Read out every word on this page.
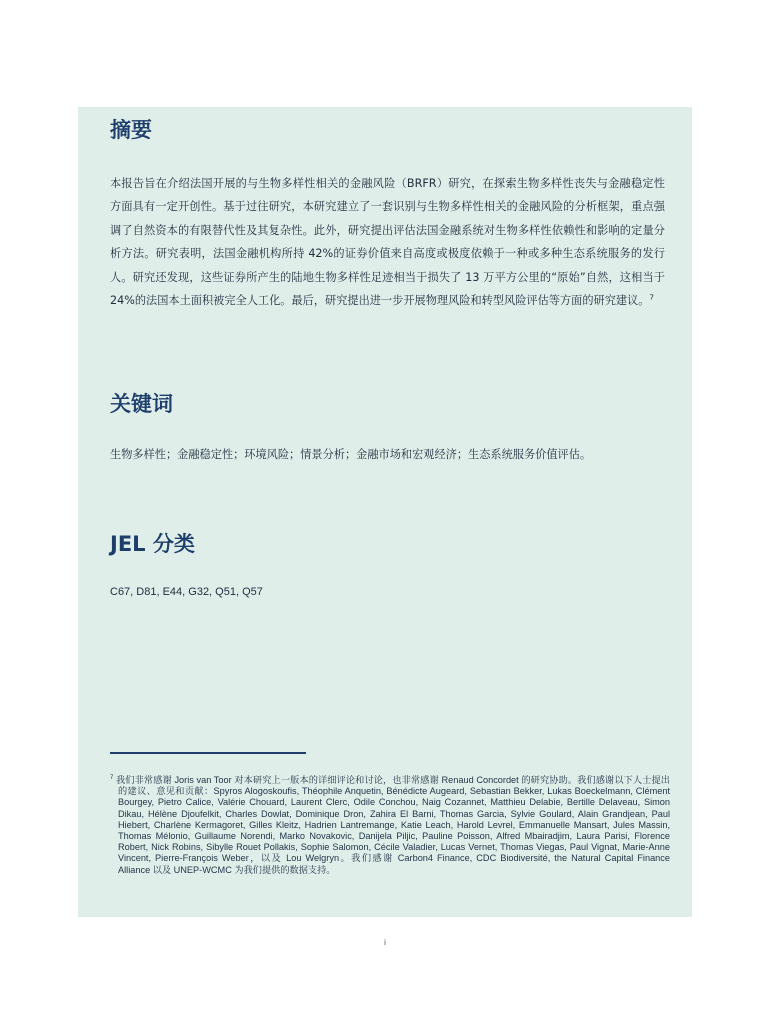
摘要

本报告旨在介绍法国开展的与生物多样性相关的金融风险（BRFR）研究，在探索生物多样性丧失与金融稳定性方面具有一定开创性。基于过往研究，本研究建立了一套识别与生物多样性相关的金融风险的分析框架，重点强调了自然资本的有限替代性及其复杂性。此外，研究提出评估法国金融系统对生物多样性依赖性和影响的定量分析方法。研究表明，法国金融机构所持 42%的证券价值来自高度或极度依赖于一种或多种生态系统服务的发行人。研究还发现，这些证券所产生的陆地生物多样性足迹相当于损失了 13 万平方公里的“原始”自然，这相当于 24%的法国本土面积被完全人工化。最后，研究提出进一步开展物理风险和转型风险评估等方面的研究建议。$^7$

关键词

生物多样性；金融稳定性；环境风险；情景分析；金融市场和宏观经济；生态系统服务价值评估。

JEL 分类

C67, D81, E44, G32, Q51, Q57

$^7$ 我们非常感谢 Joris van Toor 对本研究上一版本的详细评论和讨论，也非常感谢 Renaud Concordet 的研究协助。我们感谢以下人士提出的建议、意见和贡献：Spyros Alogoskoufis, Théophile Anquetin, Bénédicte Augeard, Sebastian Bekker, Lukas Boeckelmann, Clément Bourgey, Pietro Calice, Valérie Chouard, Laurent Clerc, Odile Conchou, Naig Cozannet, Matthieu Delabie, Bertille Delaveau, Simon Dikau, Hélène Djoufelkit, Charles Dowlat, Dominique Dron, Zahira El Barni, Thomas Garcia, Sylvie Goulard, Alain Grandjean, Paul Hiebert, Charlène Kermagoret, Gilles Kleitz, Hadrien Lantremange, Katie Leach, Harold Levrel, Emmanuelle Mansart, Jules Massin, Thomas Mélonio, Guillaume Norendi, Marko Novakovic, Danijela Piljic, Pauline Poisson, Alfred Mbairadjim, Laura Parisi, Florence Robert, Nick Robins, Sibylle Rouet Pollakis, Sophie Salomon, Cécile Valadier, Lucas Vernet, Thomas Viegas, Paul Vignat, Marie-Anne Vincent, Pierre-François Weber，以及 Lou Welgryn。我们感谢 Carbon4 Finance, CDC Biodiversité, the Natural Capital Finance Alliance 以及 UNEP-WCMC 为我们提供的数据支持。

i
